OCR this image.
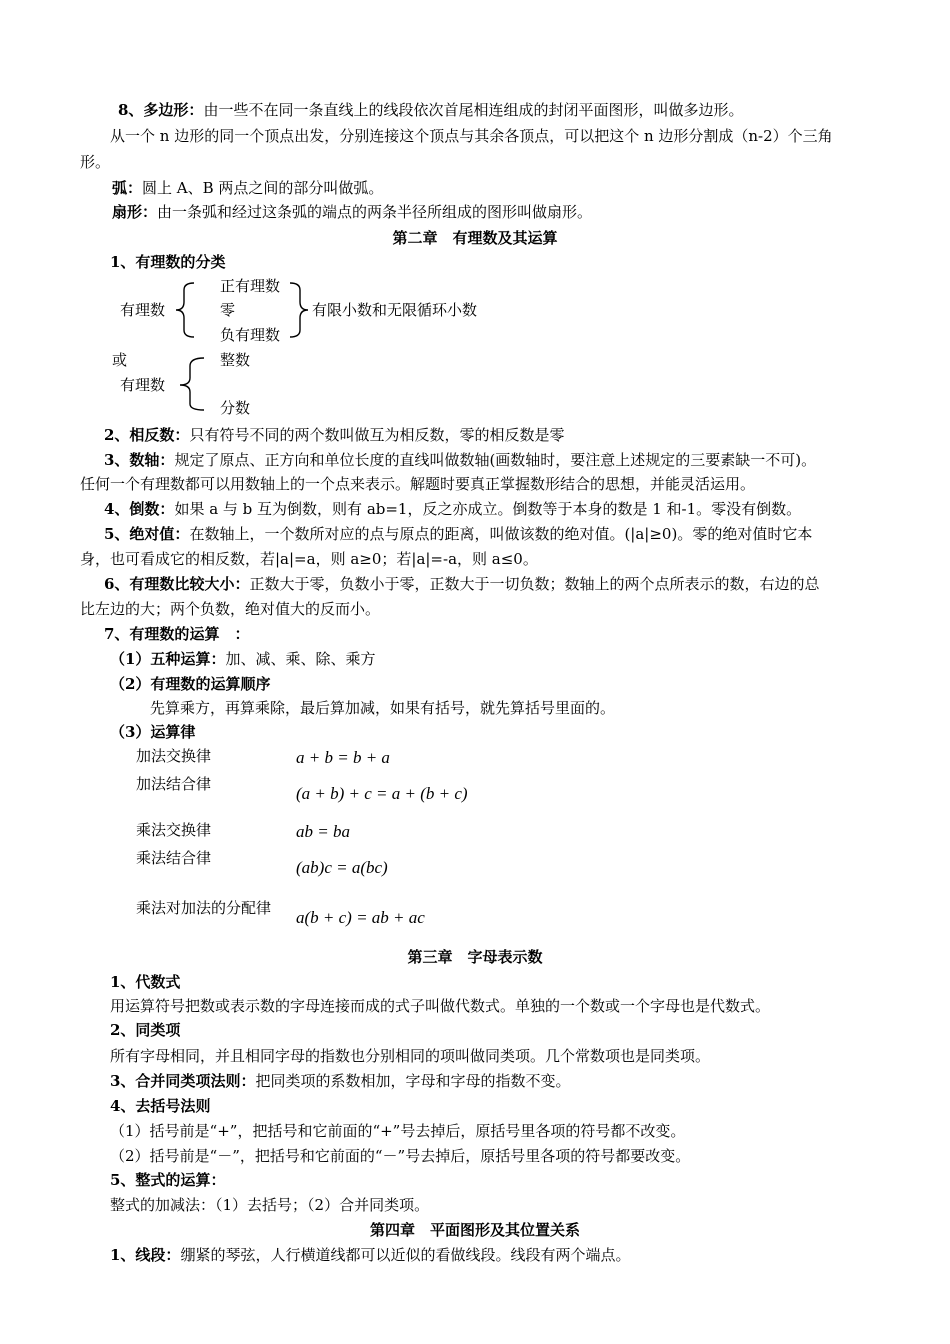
8、多边形：由一些不在同一条直线上的线段依次首尾相连组成的封闭平面图形，叫做多边形。
从一个 n 边形的同一个顶点出发，分别连接这个顶点与其余各顶点，可以把这个 n 边形分割成（n-2）个三角
形。
弧：圆上 A、B 两点之间的部分叫做弧。
扇形：由一条弧和经过这条弧的端点的两条半径所组成的图形叫做扇形。
第二章　有理数及其运算
1、有理数的分类
有理数
正有理数
零
负有理数
有限小数和无限循环小数
或
有理数
整数
分数
2、相反数：只有符号不同的两个数叫做互为相反数，零的相反数是零
3、数轴：规定了原点、正方向和单位长度的直线叫做数轴(画数轴时，要注意上述规定的三要素缺一不可)。
任何一个有理数都可以用数轴上的一个点来表示。解题时要真正掌握数形结合的思想，并能灵活运用。
4、倒数：如果 a 与 b 互为倒数，则有 ab=1，反之亦成立。倒数等于本身的数是 1 和-1。零没有倒数。
5、绝对值：在数轴上，一个数所对应的点与原点的距离，叫做该数的绝对值。(|a|≥0)。零的绝对值时它本
身，也可看成它的相反数，若|a|=a，则 a≥0；若|a|=-a，则 a≤0。
6、有理数比较大小：正数大于零，负数小于零，正数大于一切负数；数轴上的两个点所表示的数，右边的总
比左边的大；两个负数，绝对值大的反而小。
7、有理数的运算　：
（1）五种运算：加、减、乘、除、乘方
（2）有理数的运算顺序
先算乘方，再算乘除，最后算加减，如果有括号，就先算括号里面的。
（3）运算律
加法交换律	a + b = b + a
加法结合律	(a + b) + c = a + (b + c)
乘法交换律	ab = ba
乘法结合律	(ab)c = a(bc)
乘法对加法的分配律 a(b + c) = ab + ac
第三章　字母表示数
1、代数式
用运算符号把数或表示数的字母连接而成的式子叫做代数式。单独的一个数或一个字母也是代数式。
2、同类项
所有字母相同，并且相同字母的指数也分别相同的项叫做同类项。几个常数项也是同类项。
3、合并同类项法则：把同类项的系数相加，字母和字母的指数不变。
4、去括号法则
（1）括号前是“+”，把括号和它前面的“+”号去掉后，原括号里各项的符号都不改变。
（2）括号前是“－”，把括号和它前面的“－”号去掉后，原括号里各项的符号都要改变。
5、整式的运算：
整式的加减法：（1）去括号；（2）合并同类项。
第四章　平面图形及其位置关系
1、线段：绷紧的琴弦，人行横道线都可以近似的看做线段。线段有两个端点。
